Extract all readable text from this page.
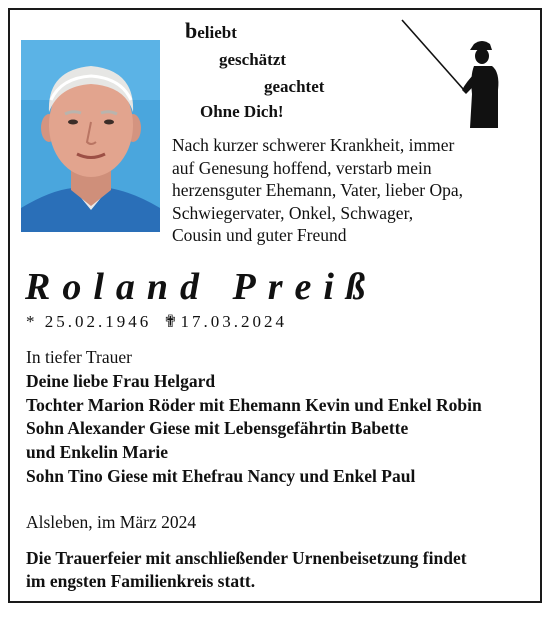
beliebt
geschätzt
geachtet
Ohne Dich!
Nach kurzer schwerer Krankheit, immer
auf Genesung hoffend, verstarb mein
herzensguter Ehemann, Vater, lieber Opa,
Schwiegervater, Onkel, Schwager,
Cousin und guter Freund
Roland Preiß
* 25.02.1946 ✟17.03.2024
In tiefer Trauer
Deine liebe Frau Helgard
Tochter Marion Röder mit Ehemann Kevin und Enkel Robin
Sohn Alexander Giese mit Lebensgefährtin Babette
und Enkelin Marie
Sohn Tino Giese mit Ehefrau Nancy und Enkel Paul
Alsleben, im März 2024
Die Trauerfeier mit anschließender Urnenbeisetzung findet
im engsten Familienkreis statt.
